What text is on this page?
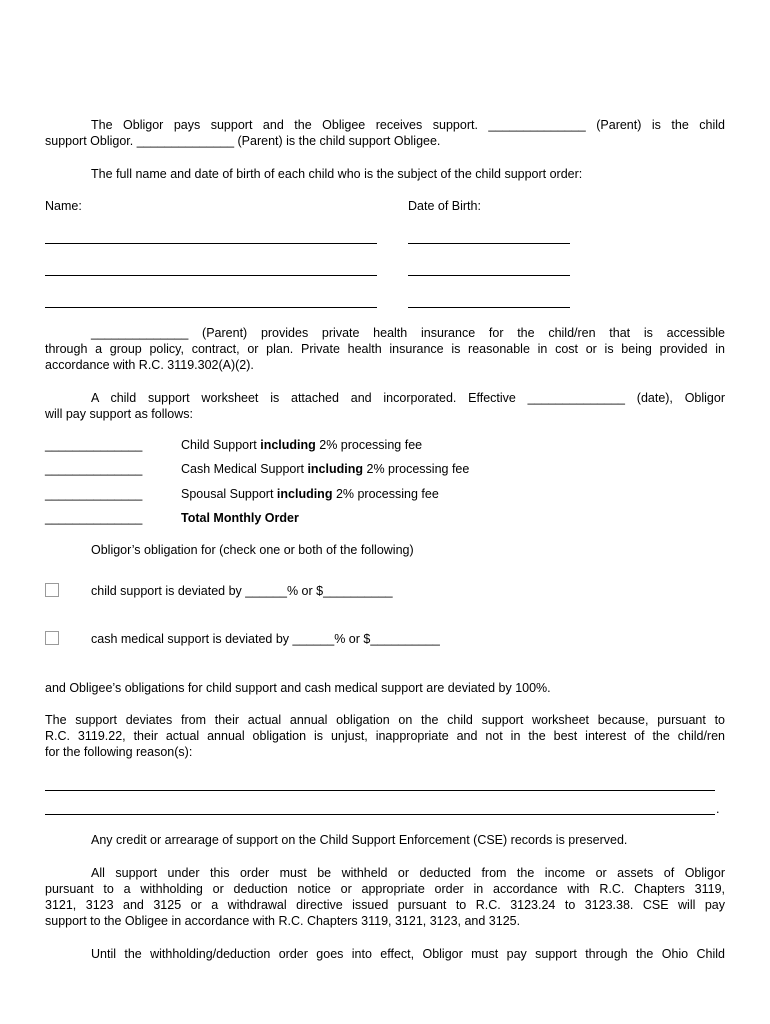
The Obligor pays support and the Obligee receives support. ______________ (Parent) is the child
support Obligor. ______________ (Parent) is the child support Obligee.
The full name and date of birth of each child who is the subject of the child support order:
Name:	Date of Birth:
______________ (Parent) provides private health insurance for the child/ren that is accessible
through a group policy, contract, or plan. Private health insurance is reasonable in cost or is being provided in
accordance with R.C. 3119.302(A)(2).
A child support worksheet is attached and incorporated. Effective ______________ (date), Obligor
will pay support as follows:
______________	Child Support including 2% processing fee
______________	Cash Medical Support including 2% processing fee
______________	Spousal Support including 2% processing fee
______________	Total Monthly Order
Obligor’s obligation for (check one or both of the following)
child support is deviated by ______% or $__________
cash medical support is deviated by ______% or $__________
and Obligee’s obligations for child support and cash medical support are deviated by 100%.
The support deviates from their actual annual obligation on the child support worksheet because, pursuant to
R.C. 3119.22, their actual annual obligation is unjust, inappropriate and not in the best interest of the child/ren
for the following reason(s):
.
Any credit or arrearage of support on the Child Support Enforcement (CSE) records is preserved.
All support under this order must be withheld or deducted from the income or assets of Obligor
pursuant to a withholding or deduction notice or appropriate order in accordance with R.C. Chapters 3119,
3121, 3123 and 3125 or a withdrawal directive issued pursuant to R.C. 3123.24 to 3123.38. CSE will pay
support to the Obligee in accordance with R.C. Chapters 3119, 3121, 3123, and 3125.
Until the withholding/deduction order goes into effect, Obligor must pay support through the Ohio Child
